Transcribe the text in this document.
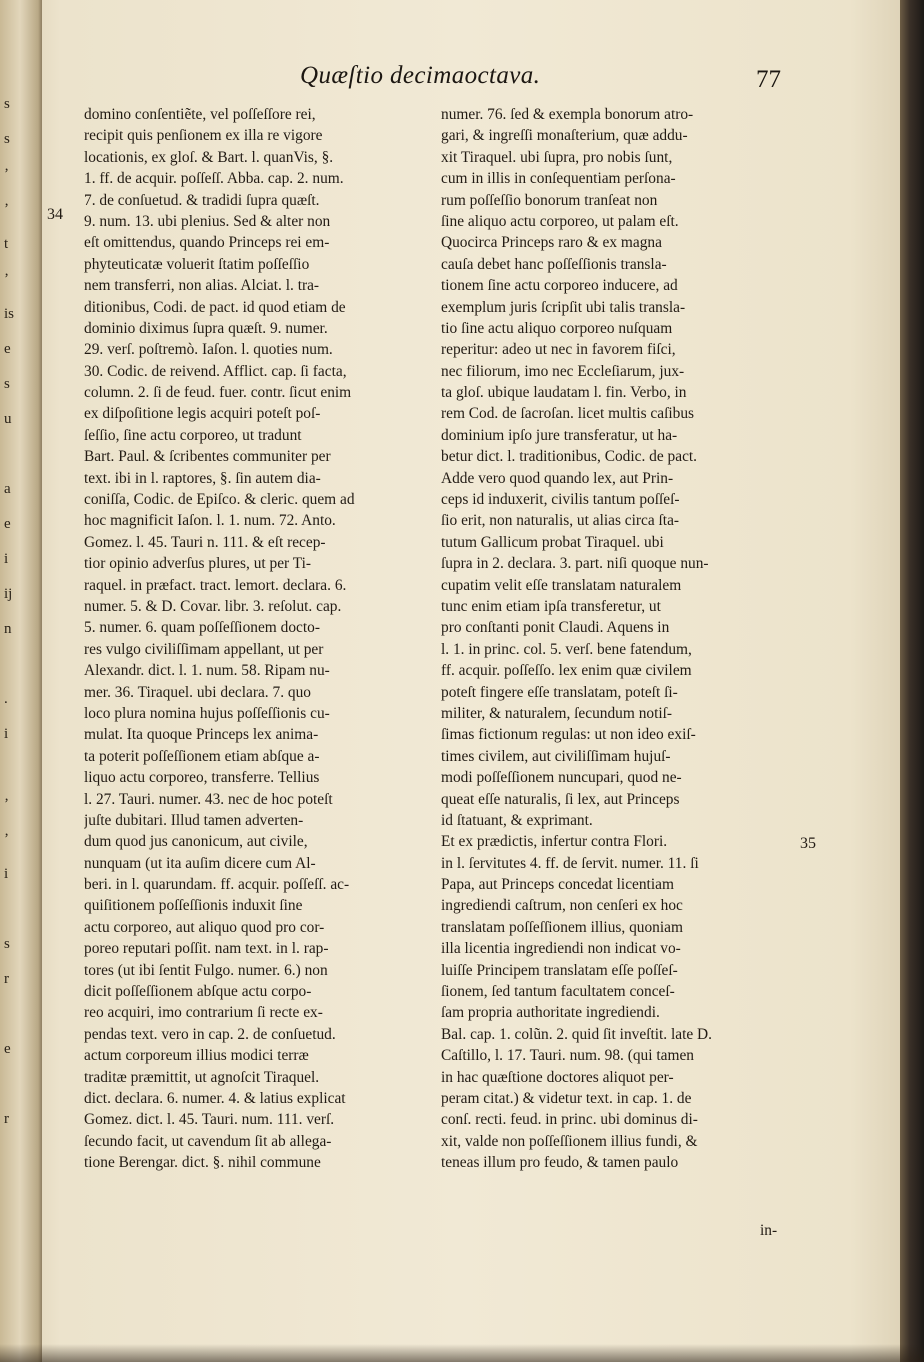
s
s
’
’
t
’
is
e
s
u
a
e
i
ij
n
.
i
’
’
i
s
r
e
r
Quæſtio decimaoctava.	77
34
35
domino conſentiẽte, vel poſſeſſore rei,
recipit quis penſionem ex illa re vigore
locationis, ex gloſ. & Bart. l. quanVis, §.
1. ff. de acquir. poſſeſſ. Abba. cap. 2. num.
7. de conſuetud. & tradidi ſupra quæſt.
9. num. 13. ubi plenius. Sed & alter non
eſt omittendus, quando Princeps rei em-
phyteuticatæ voluerit ſtatim poſſeſſio
nem transferri, non alias. Alciat. l. tra-
ditionibus, Codi. de pact. id quod etiam de
dominio diximus ſupra quæſt. 9. numer.
29. verſ. poſtremò. Iaſon. l. quoties num.
30. Codic. de reivend. Afflict. cap. ſi facta,
column. 2. ſi de feud. fuer. contr. ſicut enim
ex diſpoſitione legis acquiri poteſt poſ-
ſeſſio, ſine actu corporeo, ut tradunt
Bart. Paul. & ſcribentes communiter per
text. ibi in l. raptores, §. ſin autem dia-
coniſſa, Codic. de Epiſco. & cleric. quem ad
hoc magnificit Iaſon. l. 1. num. 72. Anto.
Gomez. l. 45. Tauri n. 111. & eſt recep-
tior opinio adverſus plures, ut per Ti-
raquel. in præfact. tract. lemort. declara. 6.
numer. 5. & D. Covar. libr. 3. reſolut. cap.
5. numer. 6. quam poſſeſſionem docto-
res vulgo civiliſſimam appellant, ut per
Alexandr. dict. l. 1. num. 58. Ripam nu-
mer. 36. Tiraquel. ubi declara. 7. quo
loco plura nomina hujus poſſeſſionis cu-
mulat. Ita quoque Princeps lex anima-
ta poterit poſſeſſionem etiam abſque a-
liquo actu corporeo, transferre. Tellius
l. 27. Tauri. numer. 43. nec de hoc poteſt
juſte dubitari. Illud tamen adverten-
dum quod jus canonicum, aut civile,
nunquam (ut ita auſim dicere cum Al-
beri. in l. quarundam. ff. acquir. poſſeſſ. ac-
quiſitionem poſſeſſionis induxit ſine
actu corporeo, aut aliquo quod pro cor-
poreo reputari poſſit. nam text. in l. rap-
tores (ut ibi ſentit Fulgo. numer. 6.) non
dicit poſſeſſionem abſque actu corpo-
reo acquiri, imo contrarium ſi recte ex-
pendas text. vero in cap. 2. de conſuetud.
actum corporeum illius modici terræ
traditæ præmittit, ut agnoſcit Tiraquel.
dict. declara. 6. numer. 4. & latius explicat
Gomez. dict. l. 45. Tauri. num. 111. verſ.
ſecundo facit, ut cavendum ſit ab allega-
tione Berengar. dict. §. nihil commune
numer. 76. ſed & exempla bonorum atro-
gari, & ingreſſi monaſterium, quæ addu-
xit Tiraquel. ubi ſupra, pro nobis ſunt,
cum in illis in conſequentiam perſona-
rum poſſeſſio bonorum tranſeat non
ſine aliquo actu corporeo, ut palam eſt.
Quocirca Princeps raro & ex magna
cauſa debet hanc poſſeſſionis transla-
tionem ſine actu corporeo inducere, ad
exemplum juris ſcripſit ubi talis transla-
tio ſine actu aliquo corporeo nuſquam
reperitur: adeo ut nec in favorem fiſci,
nec filiorum, imo nec Eccleſiarum, jux-
ta gloſ. ubique laudatam l. fin. Verbo, in
rem Cod. de ſacroſan. licet multis caſibus
dominium ipſo jure transferatur, ut ha-
betur dict. l. traditionibus, Codic. de pact.
Adde vero quod quando lex, aut Prin-
ceps id induxerit, civilis tantum poſſeſ-
ſio erit, non naturalis, ut alias circa ſta-
tutum Gallicum probat Tiraquel. ubi
ſupra in 2. declara. 3. part. niſi quoque nun-
cupatim velit eſſe translatam naturalem
tunc enim etiam ipſa transferetur, ut
pro conſtanti ponit Claudi. Aquens in
l. 1. in princ. col. 5. verſ. bene fatendum,
ff. acquir. poſſeſſo. lex enim quæ civilem
poteſt fingere eſſe translatam, poteſt ſi-
militer, & naturalem, ſecundum notiſ-
ſimas fictionum regulas: ut non ideo exiſ-
times civilem, aut civiliſſimam hujuſ-
modi poſſeſſionem nuncupari, quod ne-
queat eſſe naturalis, ſi lex, aut Princeps
id ſtatuant, & exprimant.
Et ex prædictis, infertur contra Flori.
in l. ſervitutes 4. ff. de ſervit. numer. 11. ſi
Papa, aut Princeps concedat licentiam
ingrediendi caſtrum, non cenſeri ex hoc
translatam poſſeſſionem illius, quoniam
illa licentia ingrediendi non indicat vo-
luiſſe Principem translatam eſſe poſſeſ-
ſionem, ſed tantum facultatem conceſ-
ſam propria authoritate ingrediendi.
Bal. cap. 1. colũn. 2. quid ſit inveſtit. late D.
Caſtillo, l. 17. Tauri. num. 98. (qui tamen
in hac quæſtione doctores aliquot per-
peram citat.) & videtur text. in cap. 1. de
conſ. recti. feud. in princ. ubi dominus di-
xit, valde non poſſeſſionem illius fundi, &
teneas illum pro feudo, & tamen paulo
in-
